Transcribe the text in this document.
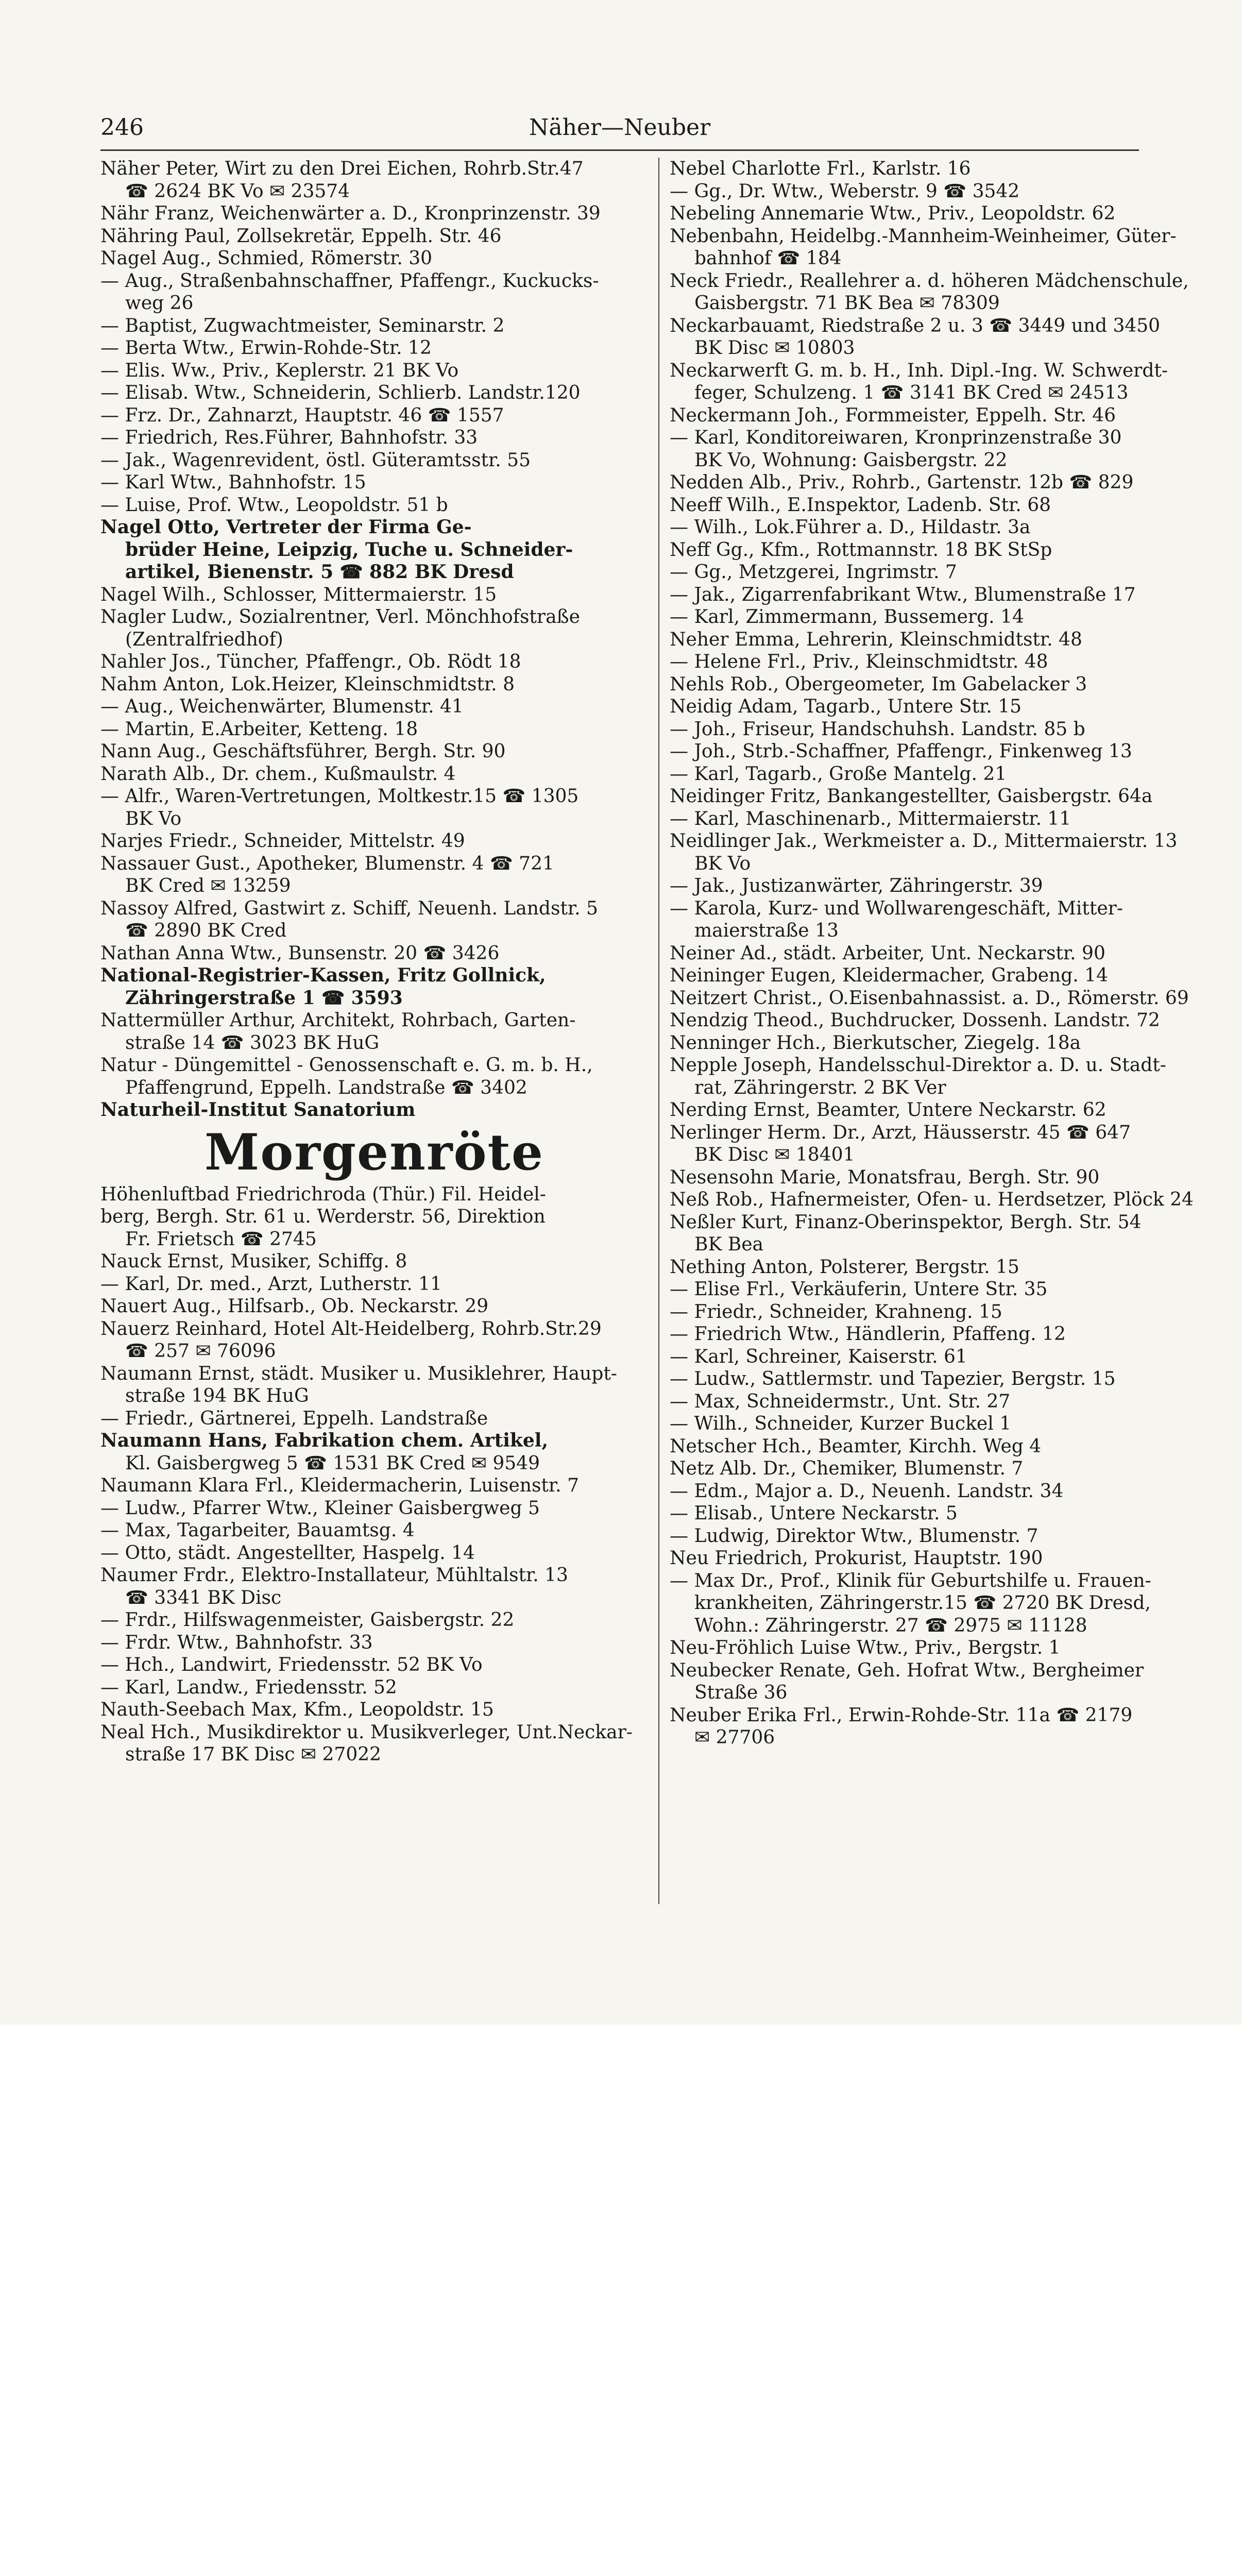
246	Näher—Neuber
Näher Peter, Wirt zu den Drei Eichen, Rohrb.Str.47
☎ 2624 BK Vo ✉ 23574
Nähr Franz, Weichenwärter a. D., Kronprinzenstr. 39
Nähring Paul, Zollsekretär, Eppelh. Str. 46
Nagel Aug., Schmied, Römerstr. 30
— Aug., Straßenbahnschaffner, Pfaffengr., Kuckucks-
weg 26
— Baptist, Zugwachtmeister, Seminarstr. 2
— Berta Wtw., Erwin-Rohde-Str. 12
— Elis. Ww., Priv., Keplerstr. 21 BK Vo
— Elisab. Wtw., Schneiderin, Schlierb. Landstr.120
— Frz. Dr., Zahnarzt, Hauptstr. 46 ☎ 1557
— Friedrich, Res.Führer, Bahnhofstr. 33
— Jak., Wagenrevident, östl. Güteramtsstr. 55
— Karl Wtw., Bahnhofstr. 15
— Luise, Prof. Wtw., Leopoldstr. 51 b
Nagel Otto, Vertreter der Firma Ge-
brüder Heine, Leipzig, Tuche u. Schneider-
artikel, Bienenstr. 5 ☎ 882 BK Dresd
Nagel Wilh., Schlosser, Mittermaierstr. 15
Nagler Ludw., Sozialrentner, Verl. Mönchhofstraße
(Zentralfriedhof)
Nahler Jos., Tüncher, Pfaffengr., Ob. Rödt 18
Nahm Anton, Lok.Heizer, Kleinschmidtstr. 8
— Aug., Weichenwärter, Blumenstr. 41
— Martin, E.Arbeiter, Ketteng. 18
Nann Aug., Geschäftsführer, Bergh. Str. 90
Narath Alb., Dr. chem., Kußmaulstr. 4
— Alfr., Waren-Vertretungen, Moltkestr.15 ☎ 1305
BK Vo
Narjes Friedr., Schneider, Mittelstr. 49
Nassauer Gust., Apotheker, Blumenstr. 4 ☎ 721
BK Cred ✉ 13259
Nassoy Alfred, Gastwirt z. Schiff, Neuenh. Landstr. 5
☎ 2890 BK Cred
Nathan Anna Wtw., Bunsenstr. 20 ☎ 3426
National-Registrier-Kassen, Fritz Gollnick,
Zähringerstraße 1 ☎ 3593
Nattermüller Arthur, Architekt, Rohrbach, Garten-
straße 14 ☎ 3023 BK HuG
Natur - Düngemittel - Genossenschaft e. G. m. b. H.,
Pfaffengrund, Eppelh. Landstraße ☎ 3402
Naturheil-Institut Sanatorium
Morgenröte
Höhenluftbad Friedrichroda (Thür.) Fil. Heidel-
berg, Bergh. Str. 61 u. Werderstr. 56, Direktion
Fr. Frietsch ☎ 2745
Nauck Ernst, Musiker, Schiffg. 8
— Karl, Dr. med., Arzt, Lutherstr. 11
Nauert Aug., Hilfsarb., Ob. Neckarstr. 29
Nauerz Reinhard, Hotel Alt-Heidelberg, Rohrb.Str.29
☎ 257 ✉ 76096
Naumann Ernst, städt. Musiker u. Musiklehrer, Haupt-
straße 194 BK HuG
— Friedr., Gärtnerei, Eppelh. Landstraße
Naumann Hans, Fabrikation chem. Artikel,
Kl. Gaisbergweg 5 ☎ 1531 BK Cred ✉ 9549
Naumann Klara Frl., Kleidermacherin, Luisenstr. 7
— Ludw., Pfarrer Wtw., Kleiner Gaisbergweg 5
— Max, Tagarbeiter, Bauamtsg. 4
— Otto, städt. Angestellter, Haspelg. 14
Naumer Frdr., Elektro-Installateur, Mühltalstr. 13
☎ 3341 BK Disc
— Frdr., Hilfswagenmeister, Gaisbergstr. 22
— Frdr. Wtw., Bahnhofstr. 33
— Hch., Landwirt, Friedensstr. 52 BK Vo
— Karl, Landw., Friedensstr. 52
Nauth-Seebach Max, Kfm., Leopoldstr. 15
Neal Hch., Musikdirektor u. Musikverleger, Unt.Neckar-
straße 17 BK Disc ✉ 27022
Nebel Charlotte Frl., Karlstr. 16
— Gg., Dr. Wtw., Weberstr. 9 ☎ 3542
Nebeling Annemarie Wtw., Priv., Leopoldstr. 62
Nebenbahn, Heidelbg.-Mannheim-Weinheimer, Güter-
bahnhof ☎ 184
Neck Friedr., Reallehrer a. d. höheren Mädchenschule,
Gaisbergstr. 71 BK Bea ✉ 78309
Neckarbauamt, Riedstraße 2 u. 3 ☎ 3449 und 3450
BK Disc ✉ 10803
Neckarwerft G. m. b. H., Inh. Dipl.-Ing. W. Schwerdt-
feger, Schulzeng. 1 ☎ 3141 BK Cred ✉ 24513
Neckermann Joh., Formmeister, Eppelh. Str. 46
— Karl, Konditoreiwaren, Kronprinzenstraße 30
BK Vo, Wohnung: Gaisbergstr. 22
Nedden Alb., Priv., Rohrb., Gartenstr. 12b ☎ 829
Neeff Wilh., E.Inspektor, Ladenb. Str. 68
— Wilh., Lok.Führer a. D., Hildastr. 3a
Neff Gg., Kfm., Rottmannstr. 18 BK StSp
— Gg., Metzgerei, Ingrimstr. 7
— Jak., Zigarrenfabrikant Wtw., Blumenstraße 17
— Karl, Zimmermann, Bussemerg. 14
Neher Emma, Lehrerin, Kleinschmidtstr. 48
— Helene Frl., Priv., Kleinschmidtstr. 48
Nehls Rob., Obergeometer, Im Gabelacker 3
Neidig Adam, Tagarb., Untere Str. 15
— Joh., Friseur, Handschuhsh. Landstr. 85 b
— Joh., Strb.-Schaffner, Pfaffengr., Finkenweg 13
— Karl, Tagarb., Große Mantelg. 21
Neidinger Fritz, Bankangestellter, Gaisbergstr. 64a
— Karl, Maschinenarb., Mittermaierstr. 11
Neidlinger Jak., Werkmeister a. D., Mittermaierstr. 13
BK Vo
— Jak., Justizanwärter, Zähringerstr. 39
— Karola, Kurz- und Wollwarengeschäft, Mitter-
maierstraße 13
Neiner Ad., städt. Arbeiter, Unt. Neckarstr. 90
Neininger Eugen, Kleidermacher, Grabeng. 14
Neitzert Christ., O.Eisenbahnassist. a. D., Römerstr. 69
Nendzig Theod., Buchdrucker, Dossenh. Landstr. 72
Nenninger Hch., Bierkutscher, Ziegelg. 18a
Nepple Joseph, Handelsschul-Direktor a. D. u. Stadt-
rat, Zähringerstr. 2 BK Ver
Nerding Ernst, Beamter, Untere Neckarstr. 62
Nerlinger Herm. Dr., Arzt, Häusserstr. 45 ☎ 647
BK Disc ✉ 18401
Nesensohn Marie, Monatsfrau, Bergh. Str. 90
Neß Rob., Hafnermeister, Ofen- u. Herdsetzer, Plöck 24
Neßler Kurt, Finanz-Oberinspektor, Bergh. Str. 54
BK Bea
Nething Anton, Polsterer, Bergstr. 15
— Elise Frl., Verkäuferin, Untere Str. 35
— Friedr., Schneider, Krahneng. 15
— Friedrich Wtw., Händlerin, Pfaffeng. 12
— Karl, Schreiner, Kaiserstr. 61
— Ludw., Sattlermstr. und Tapezier, Bergstr. 15
— Max, Schneidermstr., Unt. Str. 27
— Wilh., Schneider, Kurzer Buckel 1
Netscher Hch., Beamter, Kirchh. Weg 4
Netz Alb. Dr., Chemiker, Blumenstr. 7
— Edm., Major a. D., Neuenh. Landstr. 34
— Elisab., Untere Neckarstr. 5
— Ludwig, Direktor Wtw., Blumenstr. 7
Neu Friedrich, Prokurist, Hauptstr. 190
— Max Dr., Prof., Klinik für Geburtshilfe u. Frauen-
krankheiten, Zähringerstr.15 ☎ 2720 BK Dresd,
Wohn.: Zähringerstr. 27 ☎ 2975 ✉ 11128
Neu-Fröhlich Luise Wtw., Priv., Bergstr. 1
Neubecker Renate, Geh. Hofrat Wtw., Bergheimer
Straße 36
Neuber Erika Frl., Erwin-Rohde-Str. 11a ☎ 2179
✉ 27706
